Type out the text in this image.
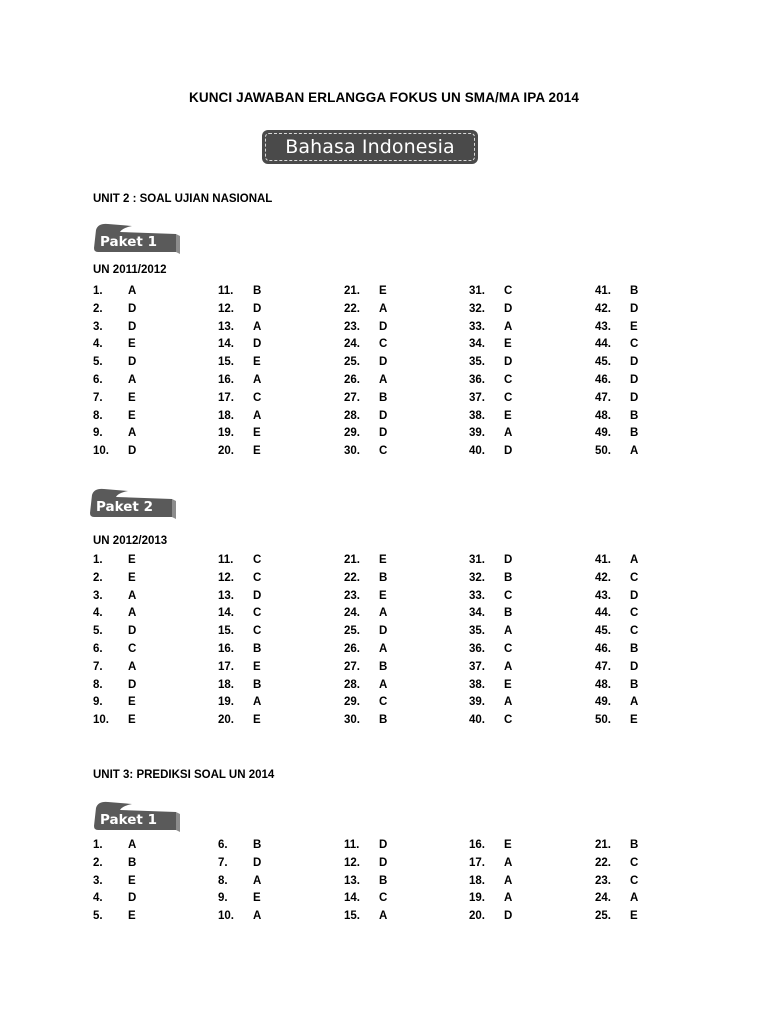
KUNCI JAWABAN ERLANGGA FOKUS UN SMA/MA IPA 2014
Bahasa Indonesia
UNIT 2 : SOAL UJIAN NASIONAL
Paket 1
UN 2011/2012
1. A	11. B	21. E	31. C	41. B
2. D	12. D	22. A	32. D	42. D
3. D	13. A	23. D	33. A	43. E
4. E	14. D	24. C	34. E	44. C
5. D	15. E	25. D	35. D	45. D
6. A	16. A	26. A	36. C	46. D
7. E	17. C	27. B	37. C	47. D
8. E	18. A	28. D	38. E	48. B
9. A	19. E	29. D	39. A	49. B
10. D	20. E	30. C	40. D	50. A
Paket 2
UN 2012/2013
1. E	11. C	21. E	31. D	41. A
2. E	12. C	22. B	32. B	42. C
3. A	13. D	23. E	33. C	43. D
4. A	14. C	24. A	34. B	44. C
5. D	15. C	25. D	35. A	45. C
6. C	16. B	26. A	36. C	46. B
7. A	17. E	27. B	37. A	47. D
8. D	18. B	28. A	38. E	48. B
9. E	19. A	29. C	39. A	49. A
10. E	20. E	30. B	40. C	50. E
UNIT 3: PREDIKSI SOAL UN 2014
Paket 1
1. A	6. B	11. D	16. E	21. B
2. B	7. D	12. D	17. A	22. C
3. E	8. A	13. B	18. A	23. C
4. D	9. E	14. C	19. A	24. A
5. E	10. A	15. A	20. D	25. E
